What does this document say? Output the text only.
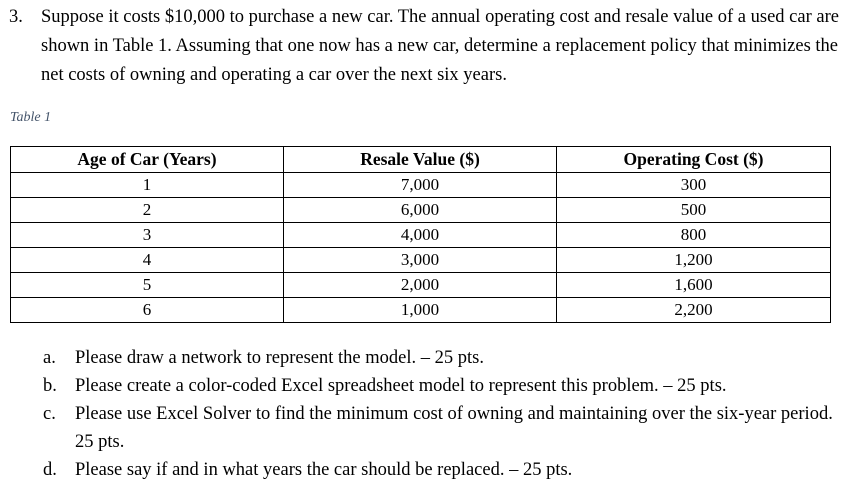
3. Suppose it costs $10,000 to purchase a new car. The annual operating cost and resale value of a used car are shown in Table 1. Assuming that one now has a new car, determine a replacement policy that minimizes the net costs of owning and operating a car over the next six years.
Table 1
Age of Car (Years)	Resale Value ($)	Operating Cost ($)
1	7,000	300
2	6,000	500
3	4,000	800
4	3,000	1,200
5	2,000	1,600
6	1,000	2,200
a.	Please draw a network to represent the model. – 25 pts.
b. Please create a color-coded Excel spreadsheet model to represent this problem. – 25 pts.
c.	Please use Excel Solver to find the minimum cost of owning and maintaining over the six-year period. 25 pts.
d. Please say if and in what years the car should be replaced. – 25 pts.
